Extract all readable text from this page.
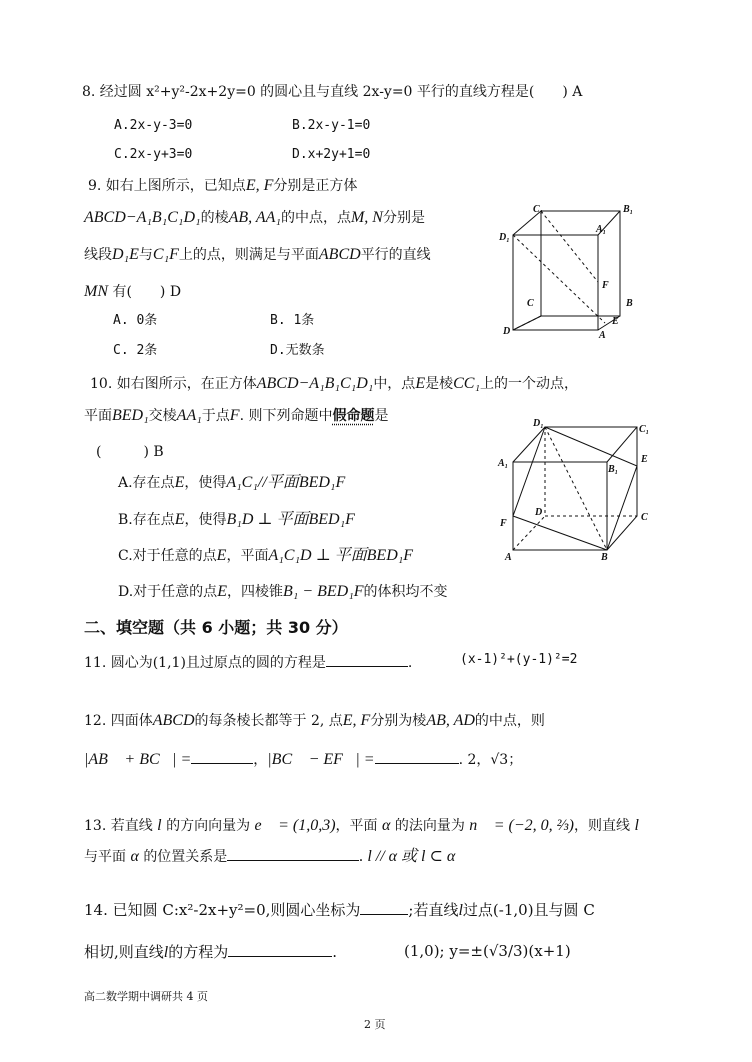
8. 经过圆 x²+y²-2x+2y=0 的圆心且与直线 2x-y=0 平行的直线方程是(　　) A
A.2x-y-3=0	B.2x-y-1=0
C.2x-y+3=0	D.x+2y+1=0
9. 如右上图所示，已知点E, F分别是正方体
ABCD−A₁B₁C₁D₁的棱AB, AA₁的中点，点M, N分别是
线段D₁E与C₁F上的点，则满足与平面ABCD平行的直线
MN 有(　　) D
A. 0条	B. 1条
C. 2条	D.无数条
C₁	B₁
D₁
A₁
F
C	B
D
E
A
10. 如右图所示，在正方体ABCD−A₁B₁C₁D₁中，点E是棱CC₁上的一个动点，
平面BED₁交棱AA₁于点F. 则下列命题中假命题是
(　　　) B
A.存在点E，使得A₁C₁//平面BED₁F
B.存在点E，使得B₁D ⊥ 平面BED₁F
C.对于任意的点E，平面A₁C₁D ⊥ 平面BED₁F
D.对于任意的点E，四棱锥B₁ − BED₁F的体积均不变
D₁
C₁
A₁
B₁
E
F
D	C
A	B
二、填空题（共 6 小题；共 30 分）
11. 圆心为(1,1)且过原点的圆的方程是	.	(x-1)²+(y-1)²=2
12. 四面体ABCD的每条棱长都等于 2, 点E, F分别为棱AB, AD的中点，则
|AB⃗ + BC⃗| =	，|BC⃗ − EF⃗| =	. 2，√3；
13. 若直线 l 的方向向量为 e⃗ = (1,0,3)，平面 α 的法向量为 n⃗ = (−2, 0, ⅔)，则直线 l
与平面 α 的位置关系是	. l // α 或 l ⊂ α
14. 已知圆 C:x²-2x+y²=0,则圆心坐标为	;若直线l过点(-1,0)且与圆 C
相切,则直线l的方程为	.	(1,0); y=±(√3/3)(x+1)
高二数学期中调研共 4 页
2 页
